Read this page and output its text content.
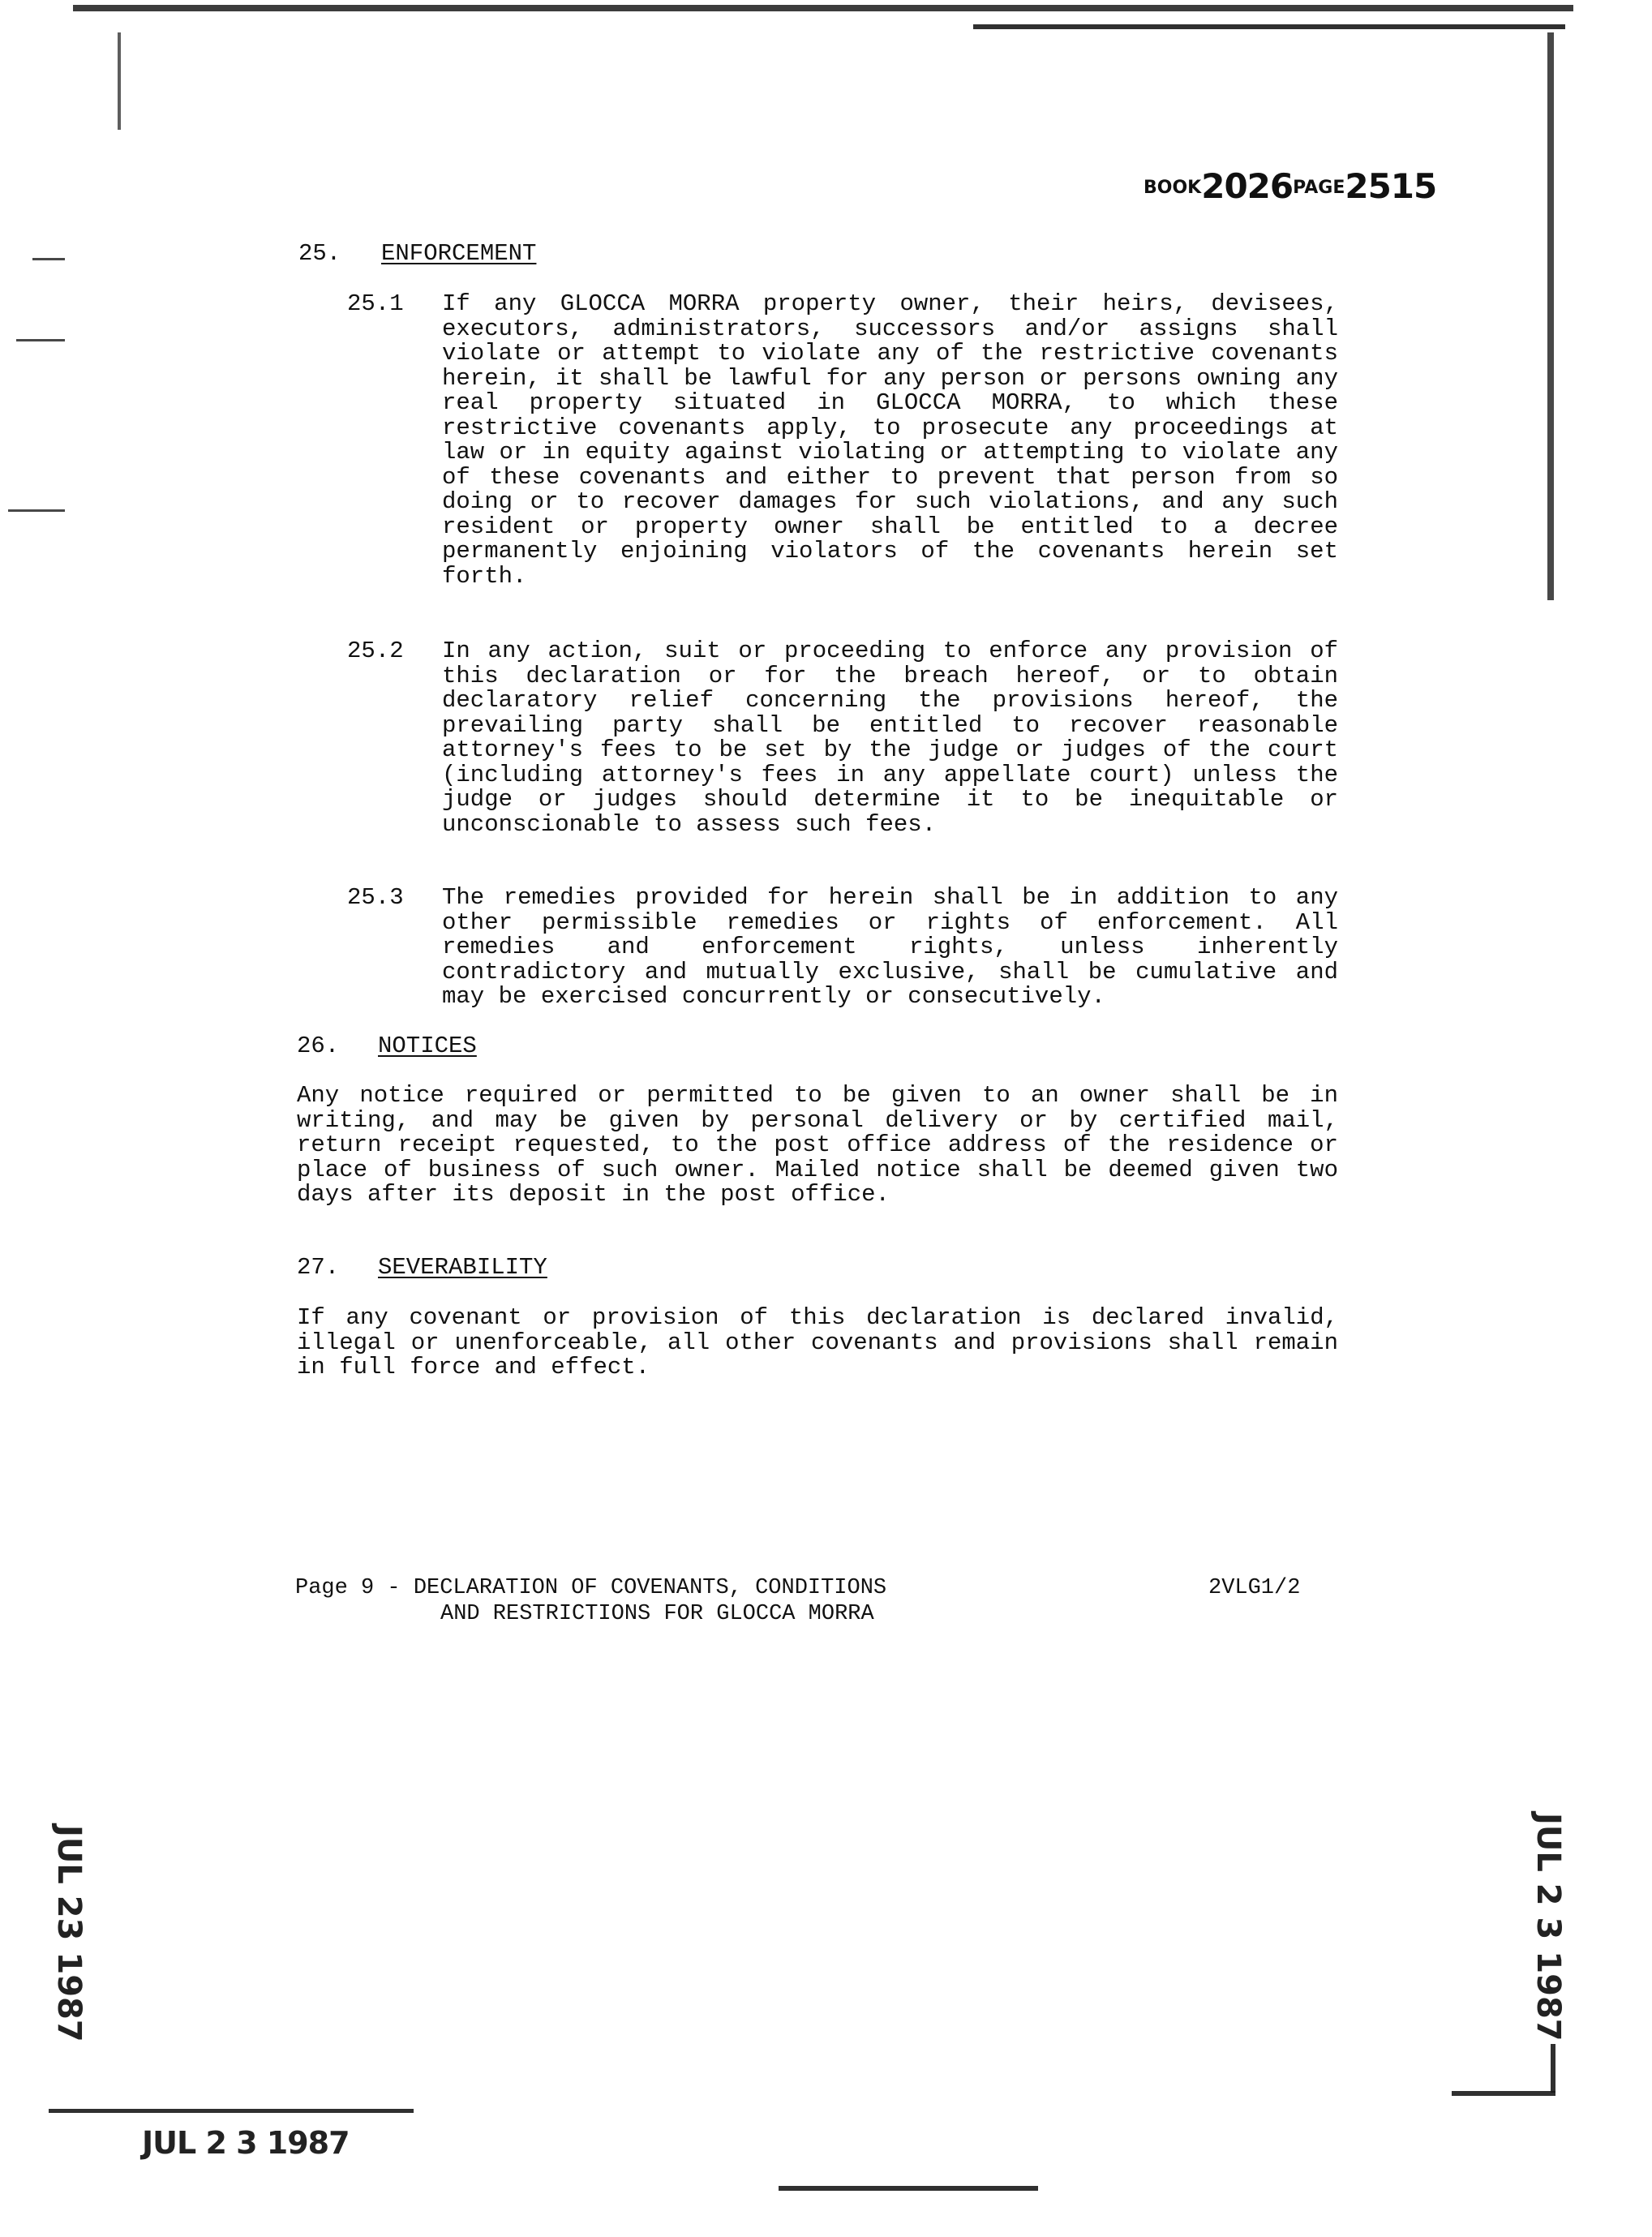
BOOK2026PAGE2515
25. ENFORCEMENT
25.1 If any GLOCCA MORRA property owner, their heirs, devisees, executors, administrators, successors and/or assigns shall violate or attempt to violate any of the restrictive covenants herein, it shall be lawful for any person or persons owning any real property situated in GLOCCA MORRA, to which these restrictive covenants apply, to prosecute any proceedings at law or in equity against violating or attempting to violate any of these covenants and either to prevent that person from so doing or to recover damages for such violations, and any such resident or property owner shall be entitled to a decree permanently enjoining violators of the covenants herein set forth.
25.2 In any action, suit or proceeding to enforce any provision of this declaration or for the breach hereof, or to obtain declaratory relief concerning the provisions hereof, the prevailing party shall be entitled to recover reasonable attorney's fees to be set by the judge or judges of the court (including attorney's fees in any appellate court) unless the judge or judges should determine it to be inequitable or unconscionable to assess such fees.
25.3 The remedies provided for herein shall be in addition to any other permissible remedies or rights of enforcement. All remedies and enforcement rights, unless inherently contradictory and mutually exclusive, shall be cumulative and may be exercised concurrently or consecutively.
26. NOTICES
Any notice required or permitted to be given to an owner shall be in writing, and may be given by personal delivery or by certified mail, return receipt requested, to the post office address of the residence or place of business of such owner. Mailed notice shall be deemed given two days after its deposit in the post office.
27. SEVERABILITY
If any covenant or provision of this declaration is declared invalid, illegal or unenforceable, all other covenants and provisions shall remain in full force and effect.
Page 9 - DECLARATION OF COVENANTS, CONDITIONS
AND RESTRICTIONS FOR GLOCCA MORRA
2VLG1/2
JUL 2 3 1987
JUL 23 1987	JUL 2 3 1987
